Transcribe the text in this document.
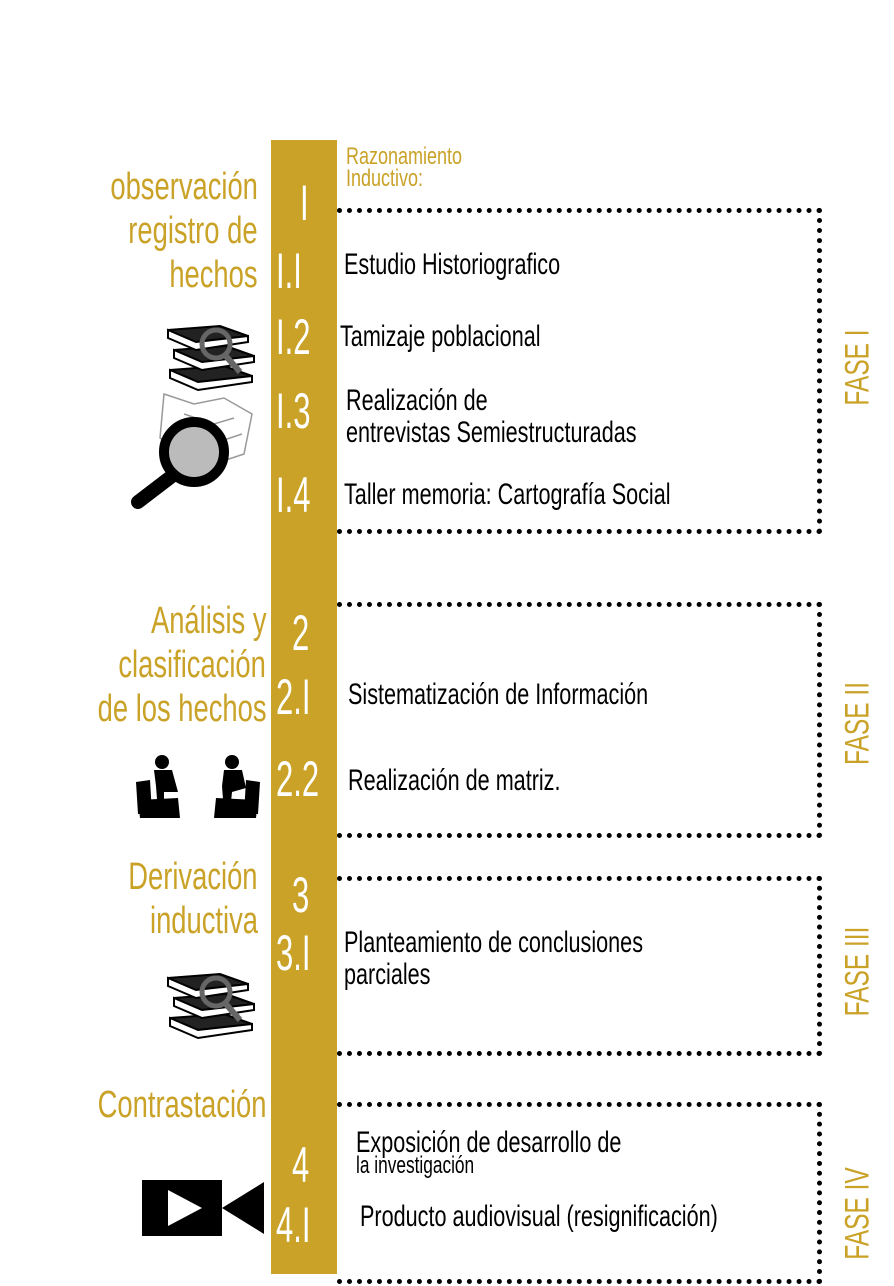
observación
registro de
hechos
Análisis y
clasificación
de los hechos
Derivación
inductiva
Contrastación
I
I.I
I.2
I.3
I.4
2
2.I
2.2
3
3.I
4
4.I
Razonamiento
Inductivo:
Estudio Historiografico
Tamizaje poblacional
Realización de
entrevistas Semiestructuradas
Taller memoria: Cartografía Social
Sistematización de Información
Realización de matriz.
Planteamiento de conclusiones
parciales
Exposición de desarrollo de
la investigación
Producto audiovisual (resignificación)
FASE I
FASE II
FASE III
FASE IV
